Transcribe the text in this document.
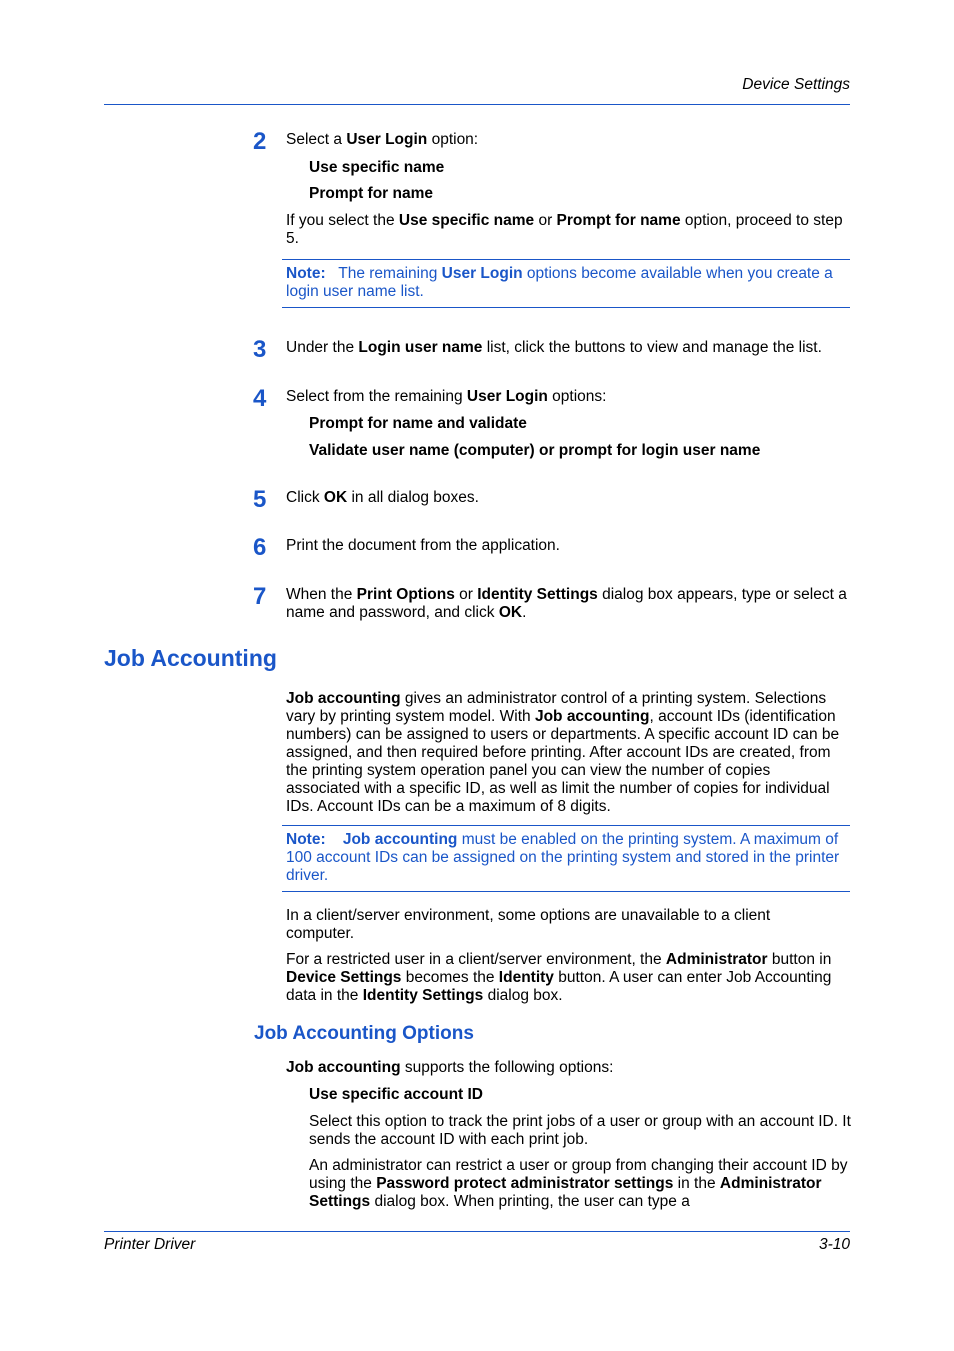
Device Settings
2 Select a User Login option:
Use specific name
Prompt for name
If you select the Use specific name or Prompt for name option, proceed to step 5.
Note: The remaining User Login options become available when you create a login user name list.
3 Under the Login user name list, click the buttons to view and manage the list.
4 Select from the remaining User Login options:
Prompt for name and validate
Validate user name (computer) or prompt for login user name
5 Click OK in all dialog boxes.
6 Print the document from the application.
7 When the Print Options or Identity Settings dialog box appears, type or select a name and password, and click OK.
Job Accounting
Job accounting gives an administrator control of a printing system. Selections vary by printing system model. With Job accounting, account IDs (identification numbers) can be assigned to users or departments. A specific account ID can be assigned, and then required before printing. After account IDs are created, from the printing system operation panel you can view the number of copies associated with a specific ID, as well as limit the number of copies for individual IDs. Account IDs can be a maximum of 8 digits.
Note: Job accounting must be enabled on the printing system. A maximum of 100 account IDs can be assigned on the printing system and stored in the printer driver.
In a client/server environment, some options are unavailable to a client computer.
For a restricted user in a client/server environment, the Administrator button in Device Settings becomes the Identity button. A user can enter Job Accounting data in the Identity Settings dialog box.
Job Accounting Options
Job accounting supports the following options:
Use specific account ID
Select this option to track the print jobs of a user or group with an account ID. It sends the account ID with each print job.
An administrator can restrict a user or group from changing their account ID by using the Password protect administrator settings in the Administrator Settings dialog box. When printing, the user can type a
Printer Driver	3-10
